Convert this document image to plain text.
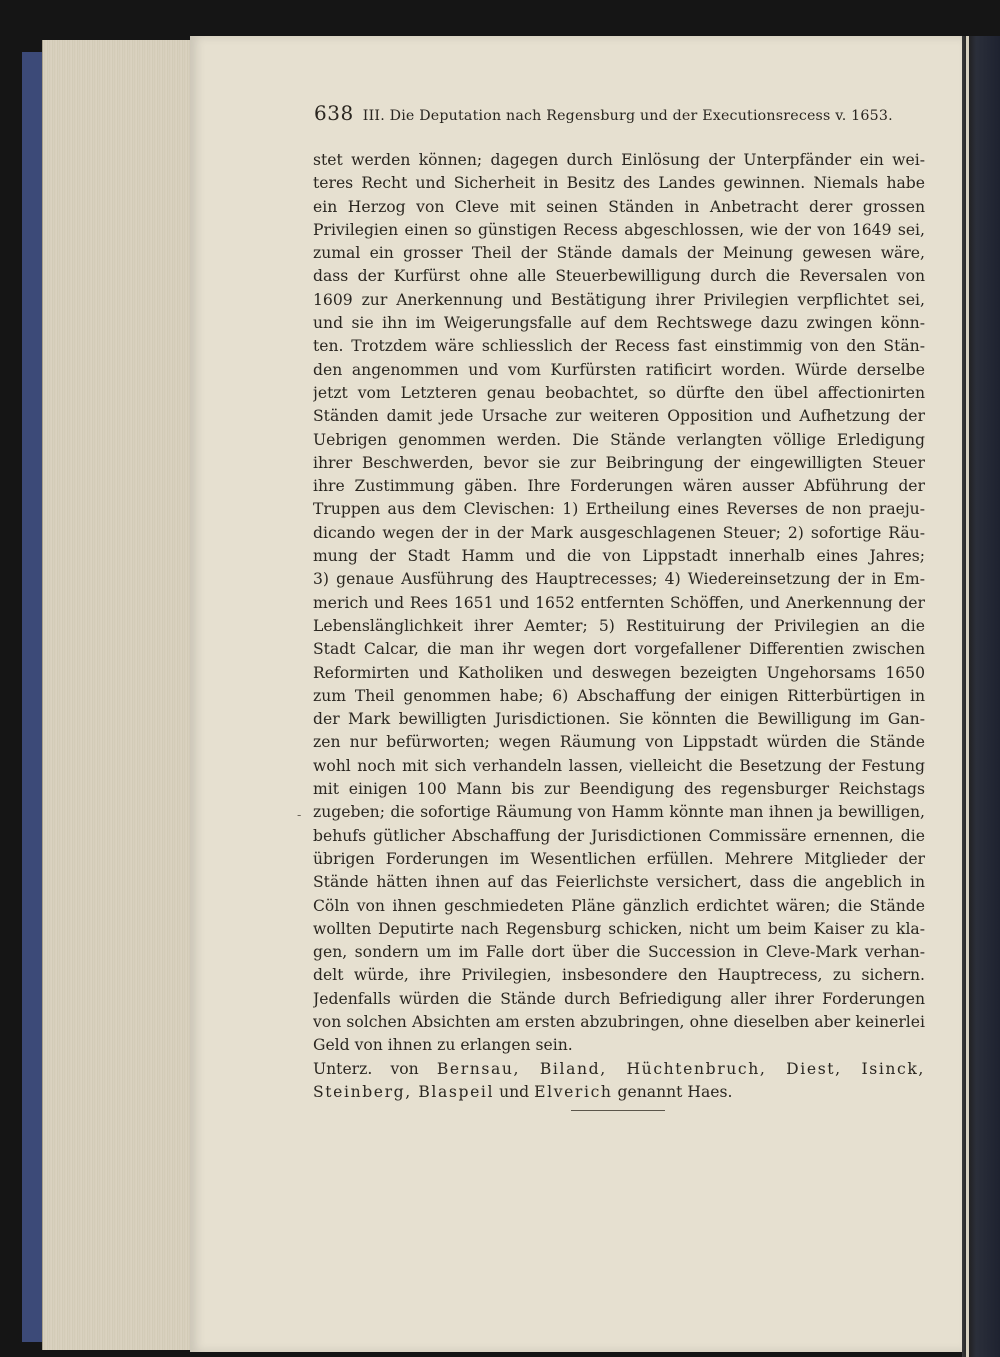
638 III. Die Deputation nach Regensburg und der Executionsrecess v. 1653.
-
stet werden können; dagegen durch Einlösung der Unterpfänder ein wei-
teres Recht und Sicherheit in Besitz des Landes gewinnen. Niemals habe
ein Herzog von Cleve mit seinen Ständen in Anbetracht derer grossen
Privilegien einen so günstigen Recess abgeschlossen, wie der von 1649 sei,
zumal ein grosser Theil der Stände damals der Meinung gewesen wäre,
dass der Kurfürst ohne alle Steuerbewilligung durch die Reversalen von
1609 zur Anerkennung und Bestätigung ihrer Privilegien verpflichtet sei,
und sie ihn im Weigerungsfalle auf dem Rechtswege dazu zwingen könn-
ten. Trotzdem wäre schliesslich der Recess fast einstimmig von den Stän-
den angenommen und vom Kurfürsten ratificirt worden. Würde derselbe
jetzt vom Letzteren genau beobachtet, so dürfte den übel affectionirten
Ständen damit jede Ursache zur weiteren Opposition und Aufhetzung der
Uebrigen genommen werden. Die Stände verlangten völlige Erledigung
ihrer Beschwerden, bevor sie zur Beibringung der eingewilligten Steuer
ihre Zustimmung gäben. Ihre Forderungen wären ausser Abführung der
Truppen aus dem Clevischen: 1) Ertheilung eines Reverses de non praeju-
dicando wegen der in der Mark ausgeschlagenen Steuer; 2) sofortige Räu-
mung der Stadt Hamm und die von Lippstadt innerhalb eines Jahres;
3) genaue Ausführung des Hauptrecesses; 4) Wiedereinsetzung der in Em-
merich und Rees 1651 und 1652 entfernten Schöffen, und Anerkennung der
Lebenslänglichkeit ihrer Aemter; 5) Restituirung der Privilegien an die
Stadt Calcar, die man ihr wegen dort vorgefallener Differentien zwischen
Reformirten und Katholiken und deswegen bezeigten Ungehorsams 1650
zum Theil genommen habe; 6) Abschaffung der einigen Ritterbürtigen in
der Mark bewilligten Jurisdictionen. Sie könnten die Bewilligung im Gan-
zen nur befürworten; wegen Räumung von Lippstadt würden die Stände
wohl noch mit sich verhandeln lassen, vielleicht die Besetzung der Festung
mit einigen 100 Mann bis zur Beendigung des regensburger Reichstags
zugeben; die sofortige Räumung von Hamm könnte man ihnen ja bewilligen,
behufs gütlicher Abschaffung der Jurisdictionen Commissäre ernennen, die
übrigen Forderungen im Wesentlichen erfüllen. Mehrere Mitglieder der
Stände hätten ihnen auf das Feierlichste versichert, dass die angeblich in
Cöln von ihnen geschmiedeten Pläne gänzlich erdichtet wären; die Stände
wollten Deputirte nach Regensburg schicken, nicht um beim Kaiser zu kla-
gen, sondern um im Falle dort über die Succession in Cleve-Mark verhan-
delt würde, ihre Privilegien, insbesondere den Hauptrecess, zu sichern.
Jedenfalls würden die Stände durch Befriedigung aller ihrer Forderungen
von solchen Absichten am ersten abzubringen, ohne dieselben aber keinerlei
Geld von ihnen zu erlangen sein.
Unterz. von Bernsau, Biland, Hüchtenbruch, Diest, Isinck,
Steinberg, Blaspeil und Elverich genannt Haes.
